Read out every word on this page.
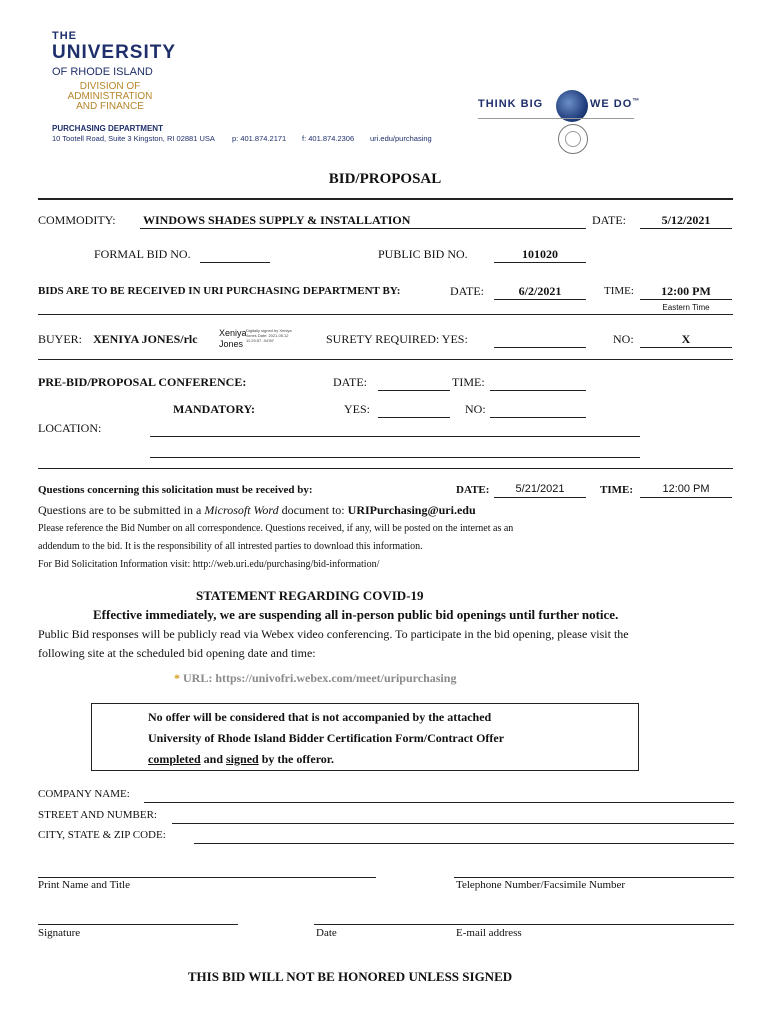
THE
UNIVERSITY
OF RHODE ISLAND
DIVISION OF
ADMINISTRATION
AND FINANCE	THINK BIG	WE DO™
PURCHASING DEPARTMENT
10 Tootell Road, Suite 3 Kingston, RI 02881 USA p: 401.874.2171 f: 401.874.2306 uri.edu/purchasing
BID/PROPOSAL
COMMODITY: WINDOWS SHADES SUPPLY & INSTALLATION	DATE:	5/12/2021
FORMAL BID NO.	PUBLIC BID NO.	101020
BIDS ARE TO BE RECEIVED IN URI PURCHASING DEPARTMENT BY:	DATE:	6/2/2021	TIME:	12:00 PM
Eastern Time
BUYER: XENIYA JONES/rlc Xeniya
Jones
Digitally signed by Xeniya Jones Date: 2021.05.12 11:29:57 -04'00'	SURETY REQUIRED: YES:	NO:	X
PRE-BID/PROPOSAL CONFERENCE:	DATE:	TIME:
MANDATORY:	YES:	NO:
LOCATION:
Questions concerning this solicitation must be received by:	DATE:	5/21/2021	TIME:	12:00 PM
Questions are to be submitted in a Microsoft Word document to: URIPurchasing@uri.edu
Please reference the Bid Number on all correspondence. Questions received, if any, will be posted on the internet as an
addendum to the bid. It is the responsibility of all intrested parties to download this information.
For Bid Solicitation Information visit: http://web.uri.edu/purchasing/bid-information/
STATEMENT REGARDING COVID-19
Effective immediately, we are suspending all in-person public bid openings until further notice.
Public Bid responses will be publicly read via Webex video conferencing. To participate in the bid opening, please visit the
following site at the scheduled bid opening date and time:
* URL: https://univofri.webex.com/meet/uripurchasing
No offer will be considered that is not accompanied by the attached
University of Rhode Island Bidder Certification Form/Contract Offer
completed and signed by the offeror.
COMPANY NAME:
STREET AND NUMBER:
CITY, STATE & ZIP CODE:
Print Name and Title	Telephone Number/Facsimile Number
Signature	Date	E-mail address
THIS BID WILL NOT BE HONORED UNLESS SIGNED
